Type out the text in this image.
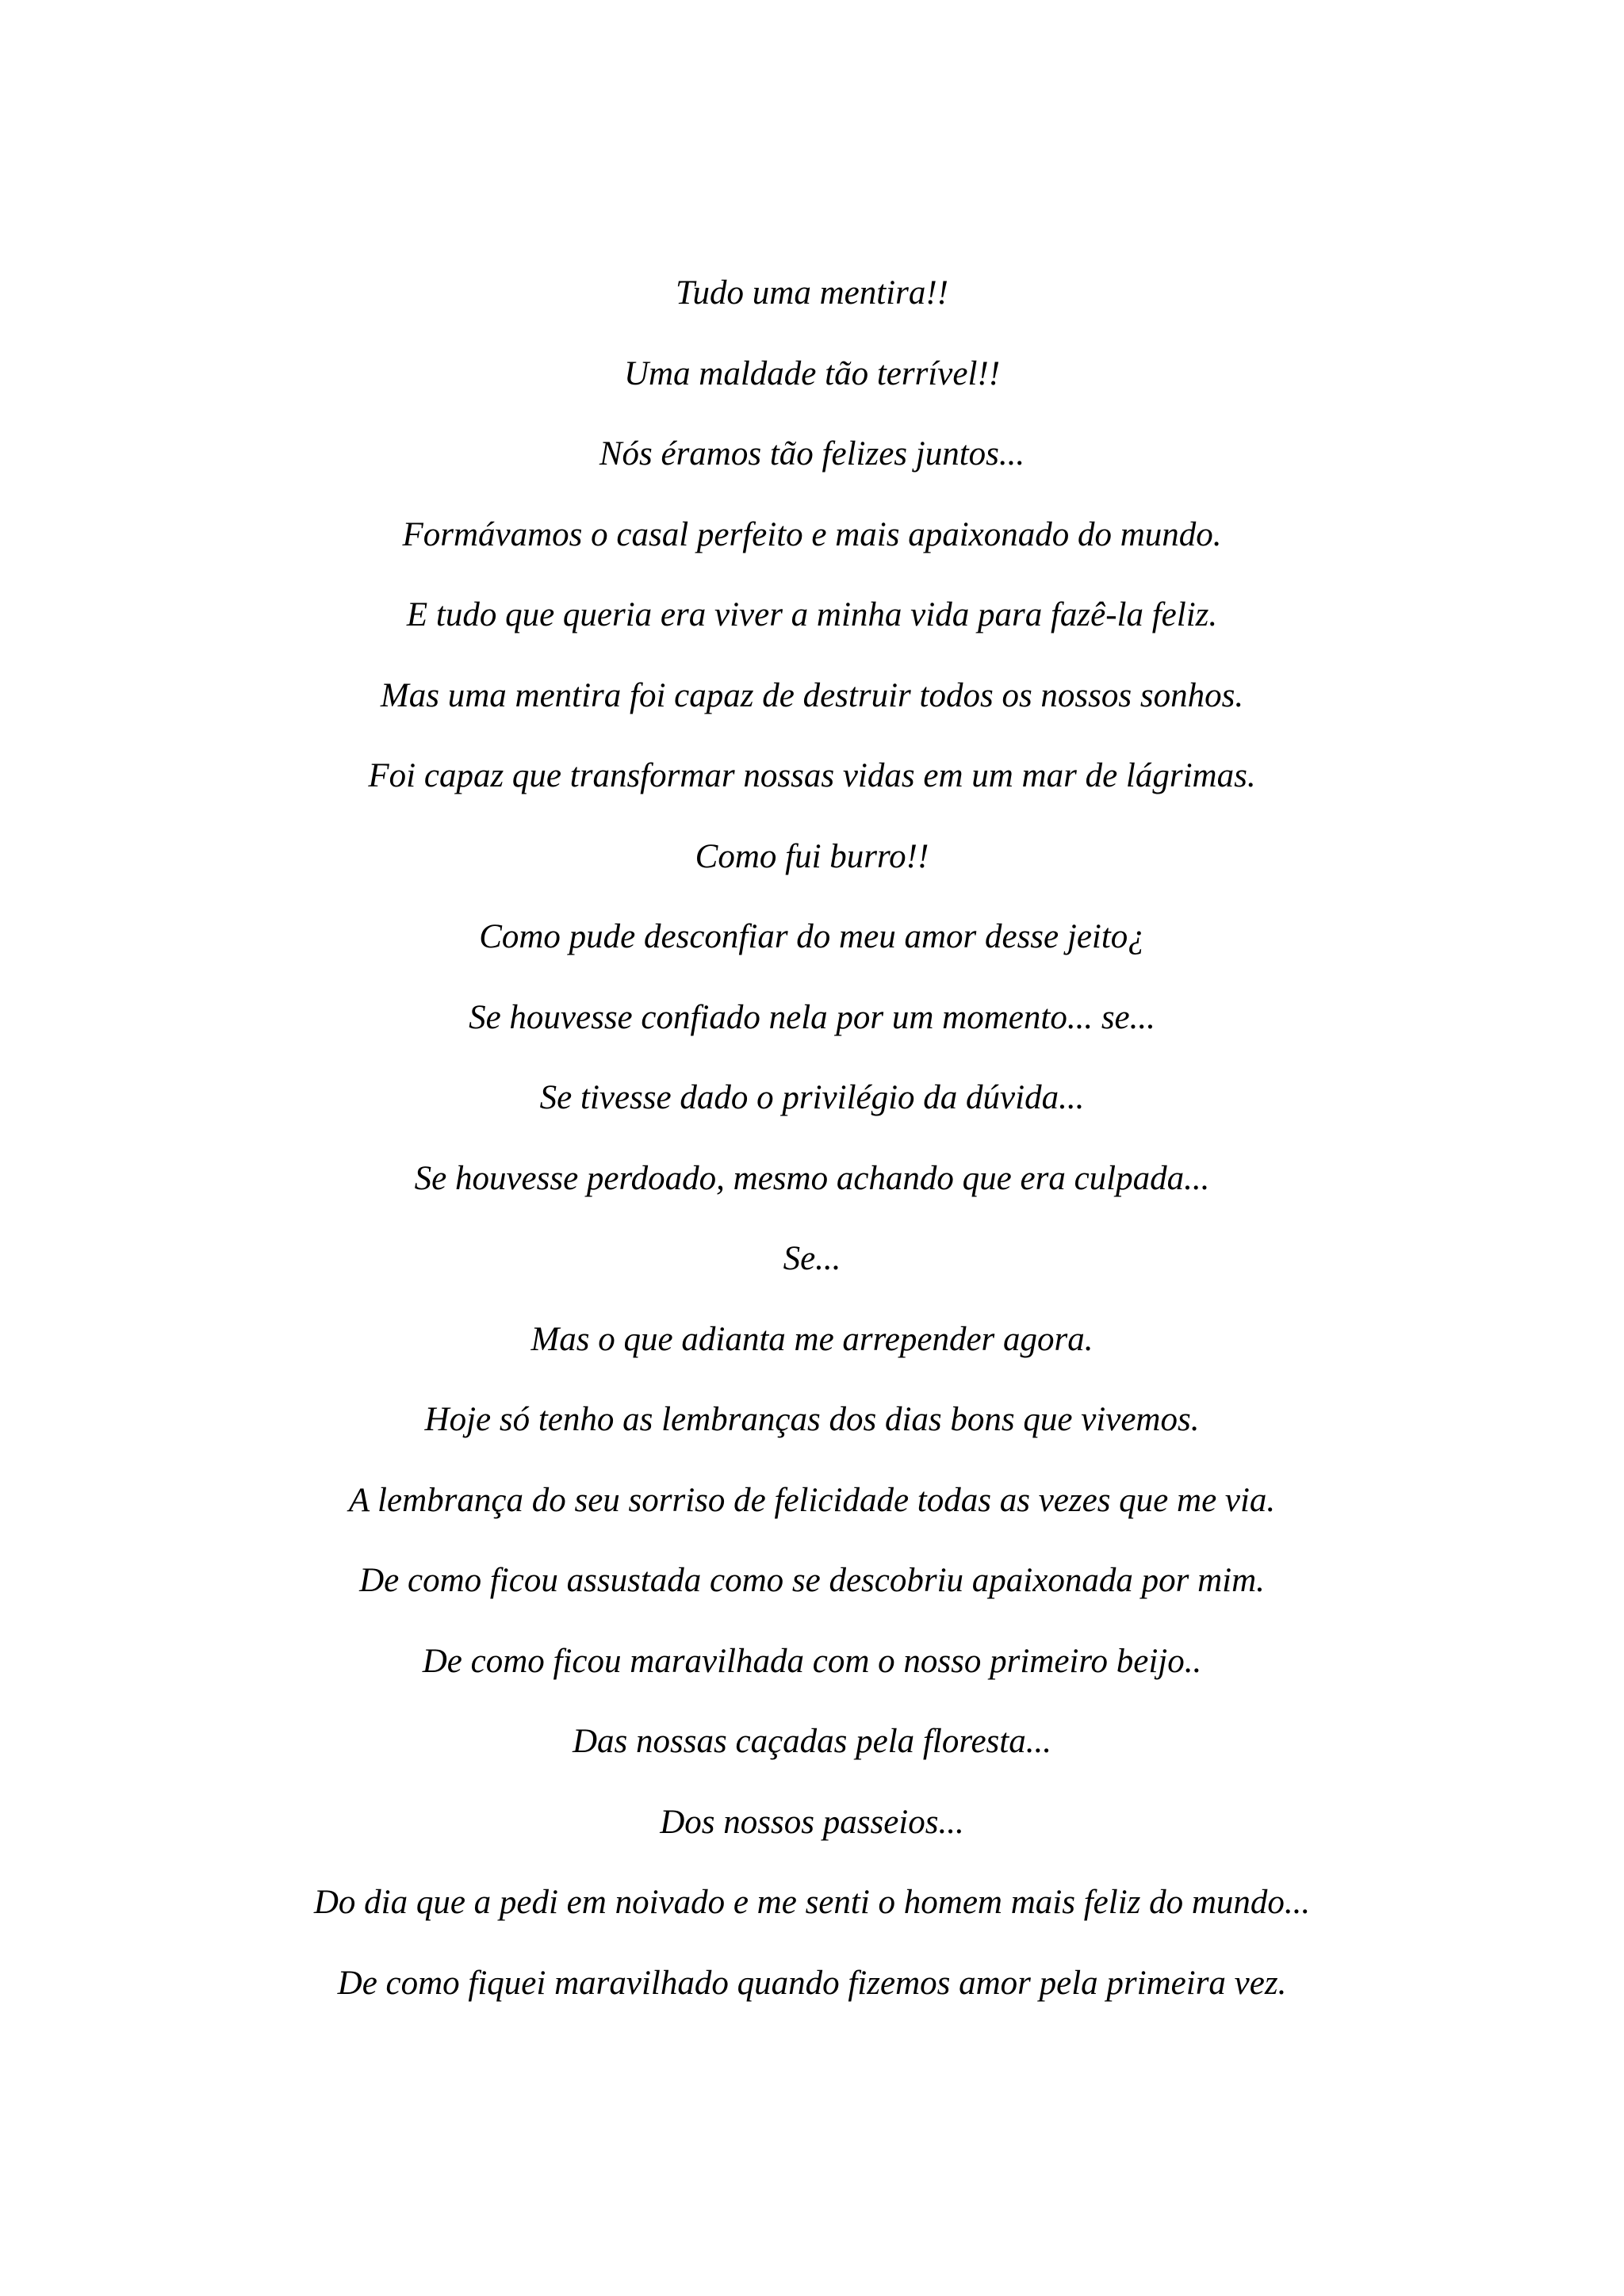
Tudo uma mentira!!
Uma maldade tão terrível!!
Nós éramos tão felizes juntos...
Formávamos o casal perfeito e mais apaixonado do mundo.
E tudo que queria era viver a minha vida para fazê-la feliz.
Mas uma mentira foi capaz de destruir todos os nossos sonhos.
Foi capaz que transformar nossas vidas em um mar de lágrimas.
Como fui burro!!
Como pude desconfiar do meu amor desse jeito¿
Se houvesse confiado nela por um momento... se...
Se tivesse dado o privilégio da dúvida...
Se houvesse perdoado, mesmo achando que era culpada...
Se...
Mas o que adianta me arrepender agora.
Hoje só tenho as lembranças dos dias bons que vivemos.
A lembrança do seu sorriso de felicidade todas as vezes que me via.
De como ficou assustada como se descobriu apaixonada por mim.
De como ficou maravilhada com o nosso primeiro beijo..
Das nossas caçadas pela floresta...
Dos nossos passeios...
Do dia que a pedi em noivado e me senti o homem mais feliz do mundo...
De como fiquei maravilhado quando fizemos amor pela primeira vez.
